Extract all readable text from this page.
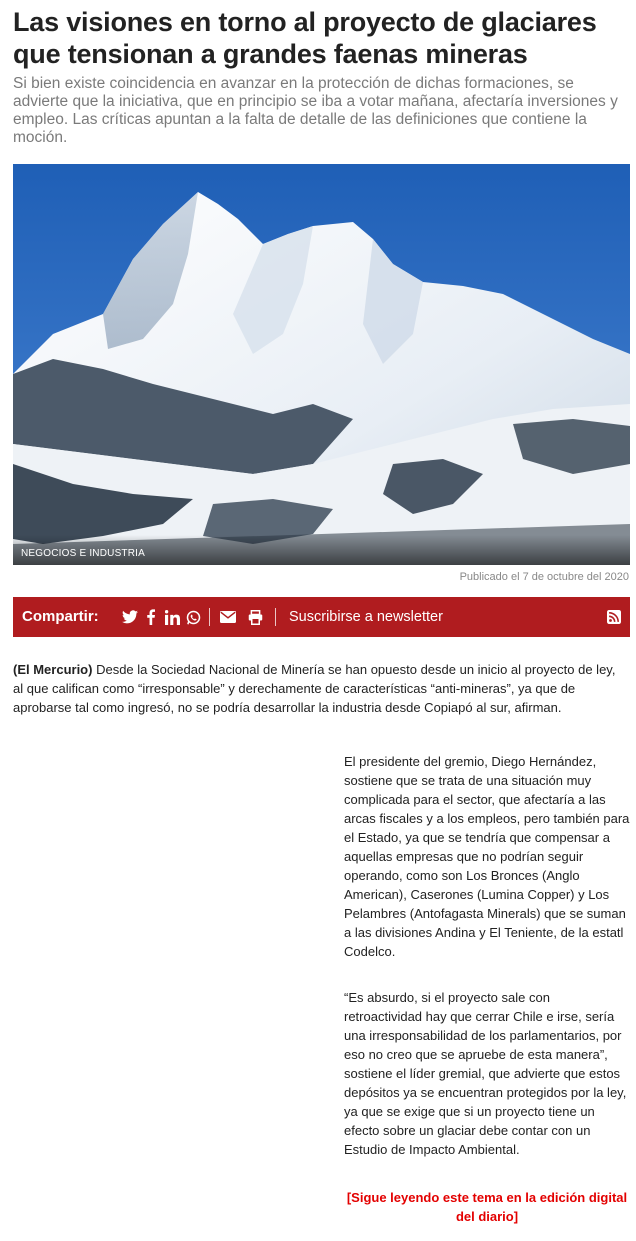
Las visiones en torno al proyecto de glaciares que tensionan a grandes faenas mineras

Si bien existe coincidencia en avanzar en la protección de dichas formaciones, se advierte que la iniciativa, que en principio se iba a votar mañana, afectaría inversiones y empleo. Las críticas apuntan a la falta de detalle de las definiciones que contiene la moción.

NEGOCIOS E INDUSTRIA
Publicado el 7 de octubre del 2020
Compartir:	Suscribirse a newsletter

(El Mercurio) Desde la Sociedad Nacional de Minería se han opuesto desde un inicio al proyecto de ley, al que califican como “irresponsable” y derechamente de características “anti-mineras”, ya que de aprobarse tal como ingresó, no se podría desarrollar la industria desde Copiapó al sur, afirman.

El presidente del gremio, Diego Hernández, sostiene que se trata de una situación muy complicada para el sector, que afectaría a las arcas fiscales y a los empleos, pero también para el Estado, ya que se tendría que compensar a aquellas empresas que no podrían seguir operando, como son Los Bronces (Anglo American), Caserones (Lumina Copper) y Los Pelambres (Antofagasta Minerals) que se suman a las divisiones Andina y El Teniente, de la estatl Codelco.

“Es absurdo, si el proyecto sale con retroactividad hay que cerrar Chile e irse, sería una irresponsabilidad de los parlamentarios, por eso no creo que se apruebe de esta manera”, sostiene el líder gremial, que advierte que estos depósitos ya se encuentran protegidos por la ley, ya que se exige que si un proyecto tiene un efecto sobre un glaciar debe contar con un Estudio de Impacto Ambiental.

[Sigue leyendo este tema en la edición digital del diario]
